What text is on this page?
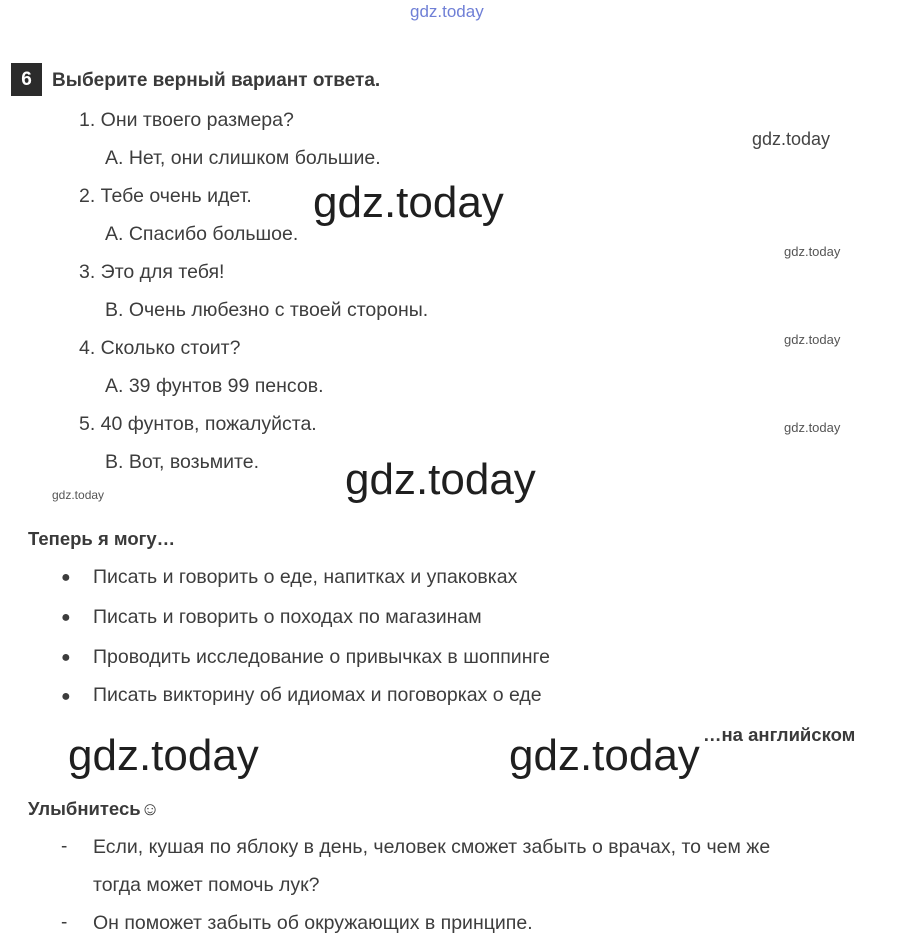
gdz.today
gdz.today
gdz.today
gdz.today
gdz.today
gdz.today
gdz.today
gdz.today
gdz.today	gdz.today
6	Выберите верный вариант ответа.
1. Они твоего размера?
A. Нет, они слишком большие.
2. Тебе очень идет.
A. Спасибо большое.
3. Это для тебя!
B. Очень любезно с твоей стороны.
4. Сколько стоит?
A. 39 фунтов 99 пенсов.
5. 40 фунтов, пожалуйста.
B. Вот, возьмите.
Теперь я могу…
● Писать и говорить о еде, напитках и упаковках
● Писать и говорить о походах по магазинам
● Проводить исследование о привычках в шоппинге
● Писать викторину об идиомах и поговорках о еде
…на английском
Улыбнитесь☺
- Если, кушая по яблоку в день, человек сможет забыть о врачах, то чем же
тогда может помочь лук?
- Он поможет забыть об окружающих в принципе.
